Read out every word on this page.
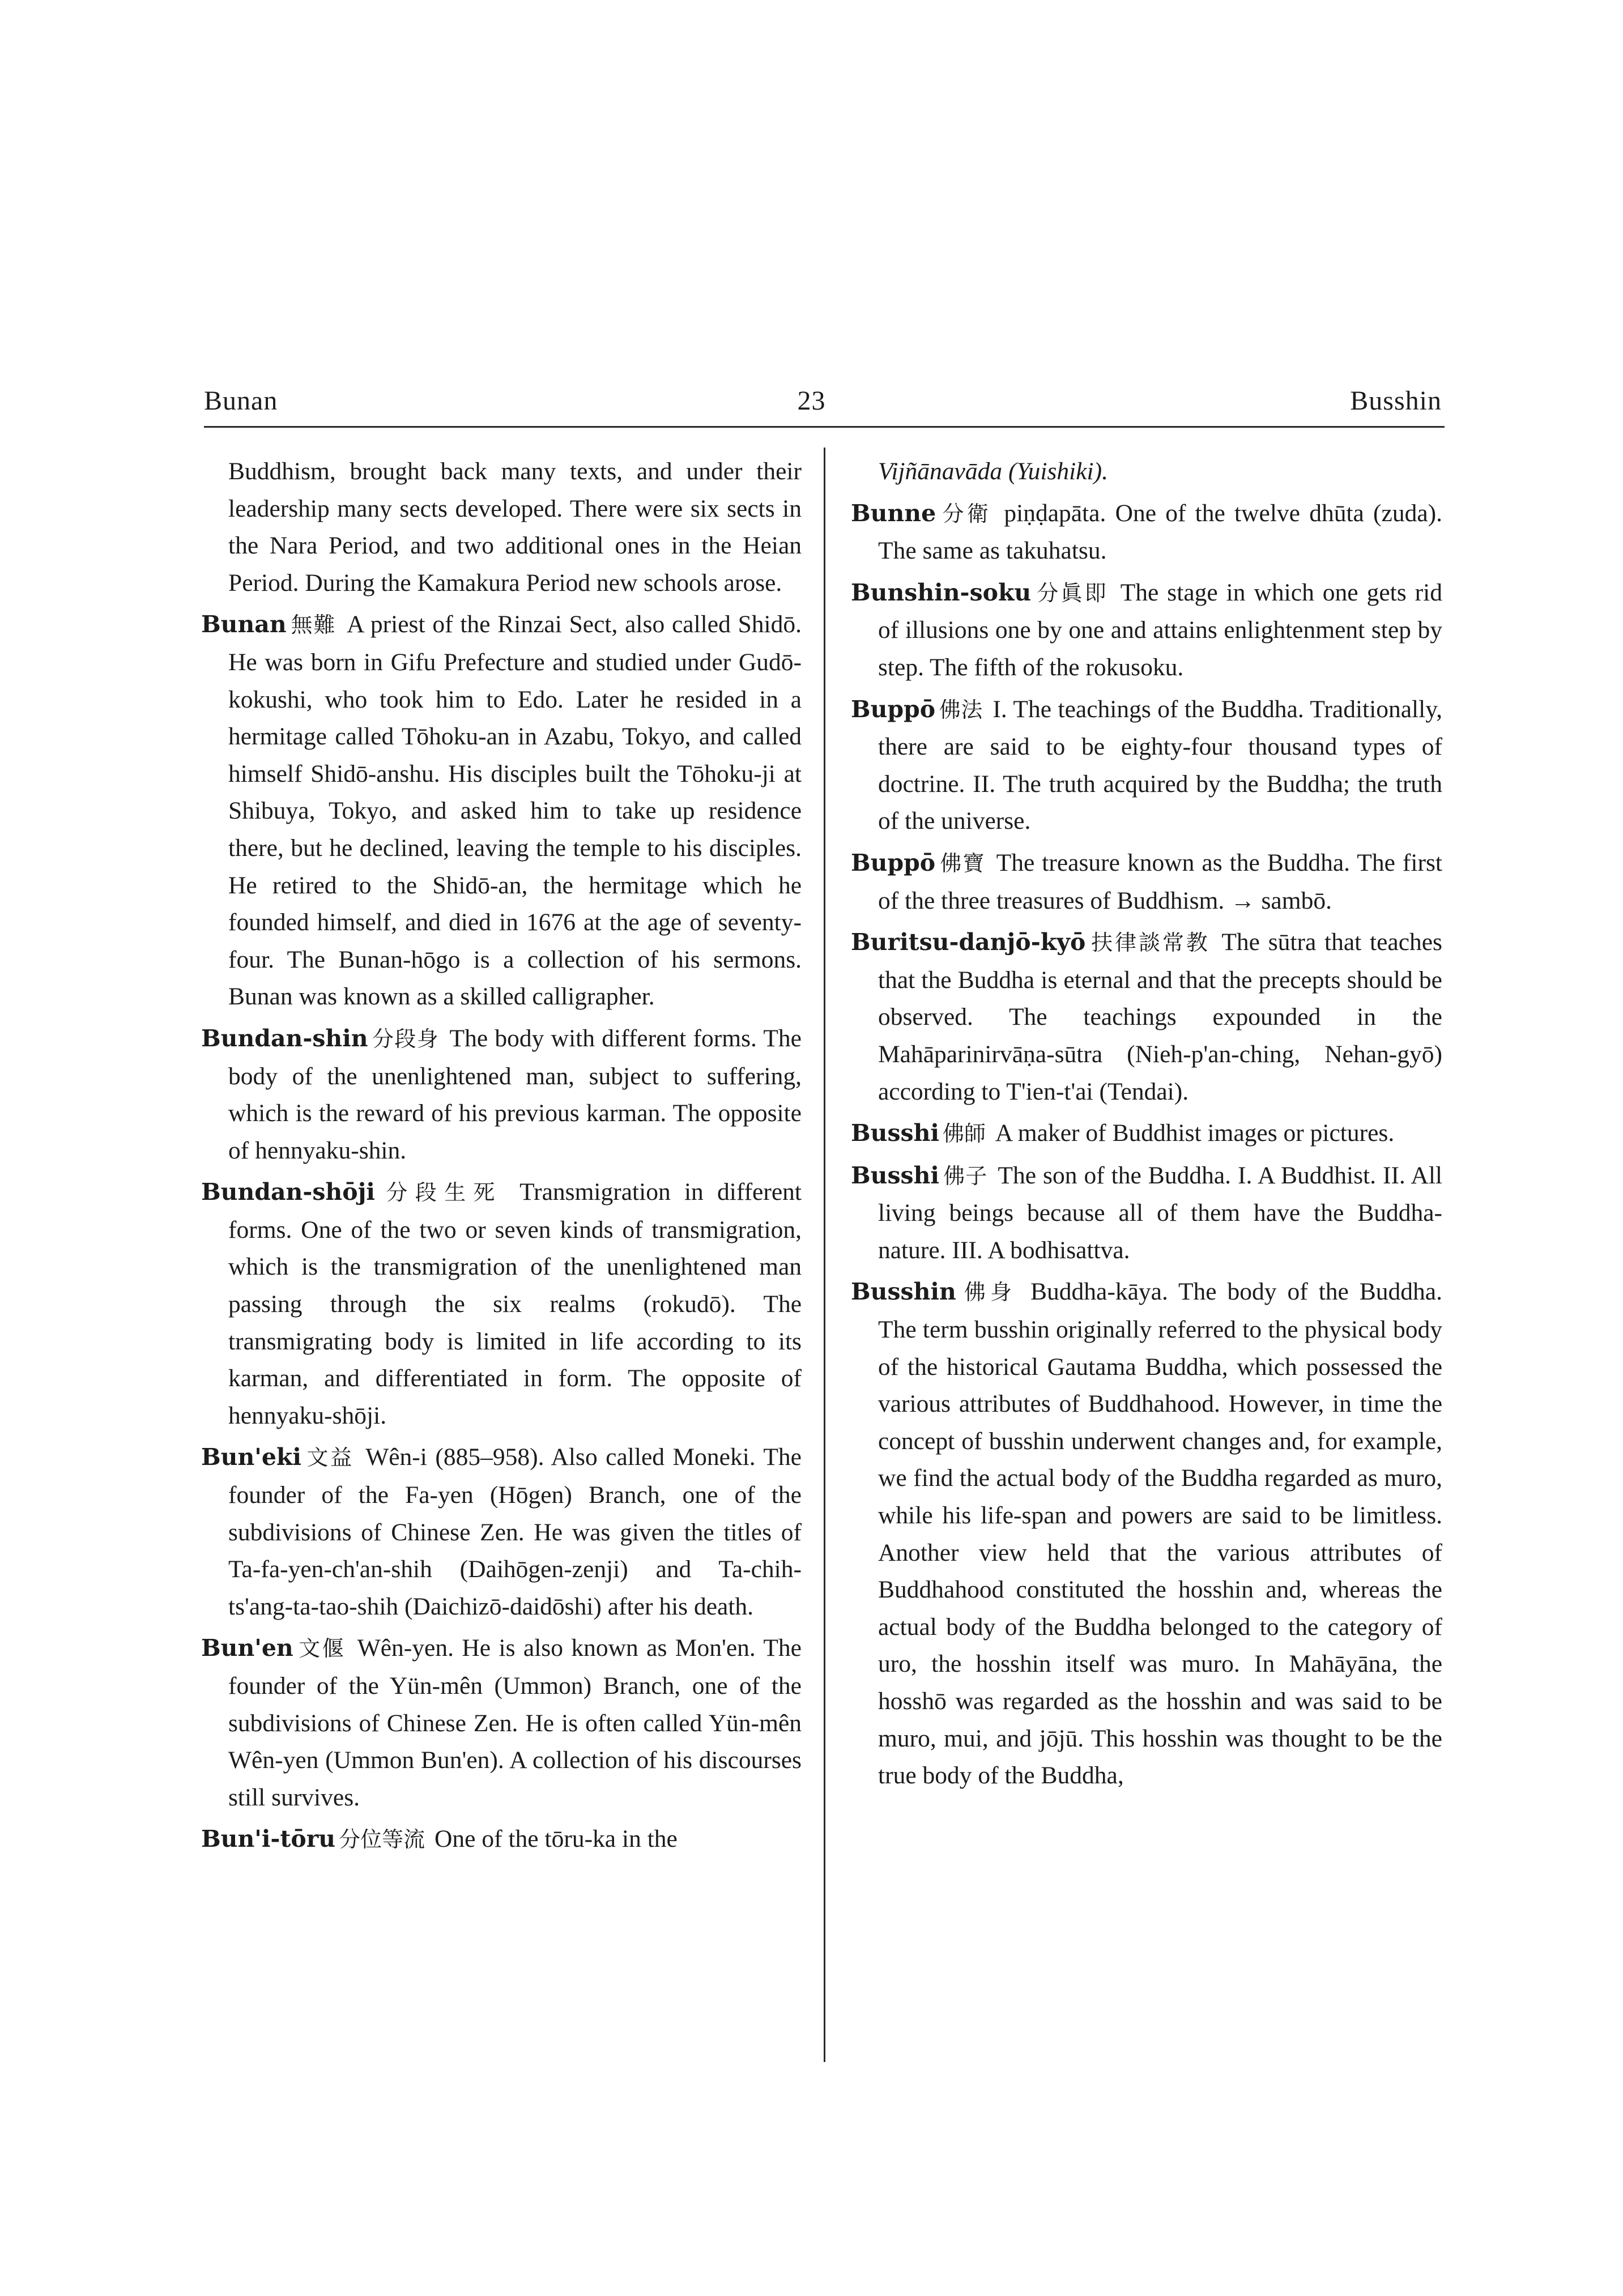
Bunan	23	Busshin

Buddhism, brought back many texts, and under their leadership many sects developed. There were six sects in the Nara Period, and two additional ones in the Heian Period. During the Kamakura Period new schools arose.

Bunan 無難 A priest of the Rinzai Sect, also called Shidō. He was born in Gifu Prefecture and studied under Gudō-kokushi, who took him to Edo. Later he resided in a hermitage called Tōhoku-an in Azabu, Tokyo, and called himself Shidō-anshu. His disciples built the Tōhoku-ji at Shibuya, Tokyo, and asked him to take up residence there, but he declined, leaving the temple to his disciples. He retired to the Shidō-an, the hermitage which he founded himself, and died in 1676 at the age of seventy-four. The Bunan-hōgo is a collection of his sermons. Bunan was known as a skilled calligrapher.

Bundan-shin 分段身 The body with different forms. The body of the unenlightened man, subject to suffering, which is the reward of his previous karman. The opposite of hennyaku-shin.

Bundan-shōji 分段生死 Transmigration in different forms. One of the two or seven kinds of transmigration, which is the transmigration of the unenlightened man passing through the six realms (rokudō). The transmigrating body is limited in life according to its karman, and differentiated in form. The opposite of hennyaku-shōji.

Bun'eki 文益 Wên-i (885–958). Also called Moneki. The founder of the Fa-yen (Hōgen) Branch, one of the subdivisions of Chinese Zen. He was given the titles of Ta-fa-yen-ch'an-shih (Daihōgen-zenji) and Ta-chih-ts'ang-ta-tao-shih (Daichizō-daidōshi) after his death.

Bun'en 文偃 Wên-yen. He is also known as Mon'en. The founder of the Yün-mên (Ummon) Branch, one of the subdivisions of Chinese Zen. He is often called Yün-mên Wên-yen (Ummon Bun'en). A collection of his discourses still survives.

Bun'i-tōru 分位等流 One of the tōru-ka in the

Vijñānavāda (Yuishiki).

Bunne 分衛 piṇḍapāta. One of the twelve dhūta (zuda). The same as takuhatsu.

Bunshin-soku 分眞即 The stage in which one gets rid of illusions one by one and attains enlightenment step by step. The fifth of the rokusoku.

Buppō 佛法 I. The teachings of the Buddha. Traditionally, there are said to be eighty-four thousand types of doctrine. II. The truth acquired by the Buddha; the truth of the universe.

Buppō 佛寶 The treasure known as the Buddha. The first of the three treasures of Buddhism. → sambō.

Buritsu-danjō-kyō 扶律談常教 The sūtra that teaches that the Buddha is eternal and that the precepts should be observed. The teachings expounded in the Mahāparinirvāṇa-sūtra (Nieh-p'an-ching, Nehan-gyō) according to T'ien-t'ai (Tendai).

Busshi 佛師 A maker of Buddhist images or pictures.

Busshi 佛子 The son of the Buddha. I. A Buddhist. II. All living beings because all of them have the Buddha-nature. III. A bodhisattva.

Busshin 佛身 Buddha-kāya. The body of the Buddha. The term busshin originally referred to the physical body of the historical Gautama Buddha, which possessed the various attributes of Buddhahood. However, in time the concept of busshin underwent changes and, for example, we find the actual body of the Buddha regarded as muro, while his life-span and powers are said to be limitless. Another view held that the various attributes of Buddhahood constituted the hosshin and, whereas the actual body of the Buddha belonged to the category of uro, the hosshin itself was muro. In Mahāyāna, the hosshō was regarded as the hosshin and was said to be muro, mui, and jōjū. This hosshin was thought to be the true body of the Buddha,
